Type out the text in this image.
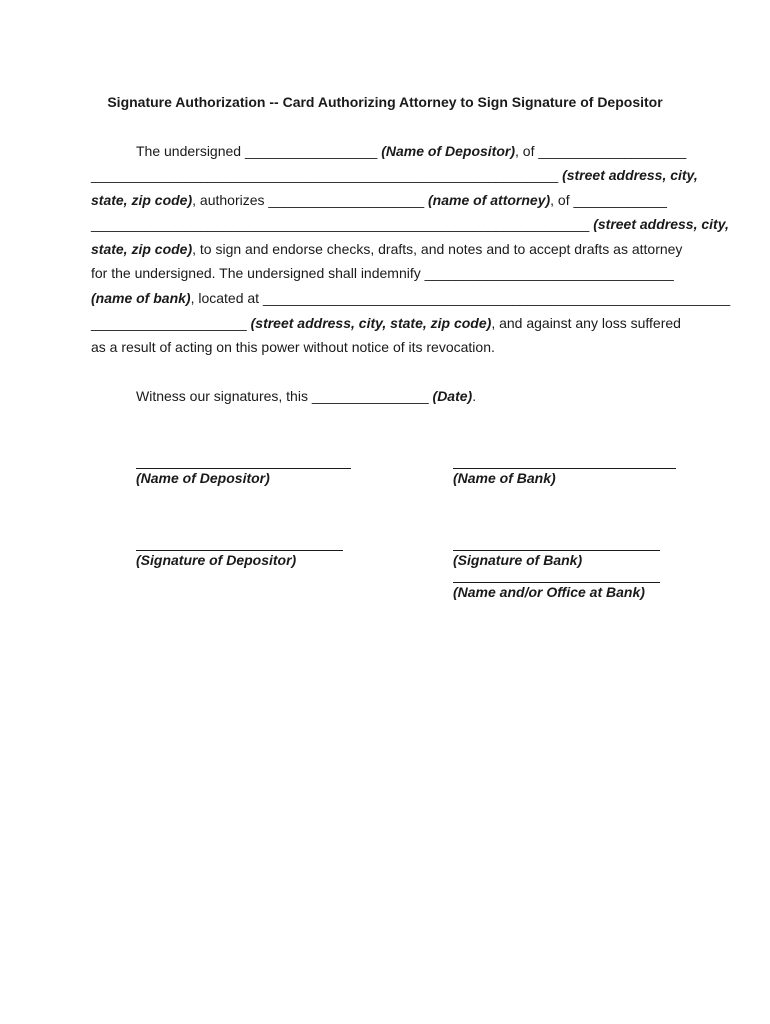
Signature Authorization -- Card Authorizing Attorney to Sign Signature of Depositor
The undersigned _________________ (Name of Depositor), of ___________________
____________________________________________________________ (street address, city,
state, zip code), authorizes ____________________ (name of attorney), of ____________
________________________________________________________________ (street address, city,
state, zip code), to sign and endorse checks, drafts, and notes and to accept drafts as attorney
for the undersigned. The undersigned shall indemnify ________________________________
(name of bank), located at ____________________________________________________________
____________________ (street address, city, state, zip code), and against any loss suffered
as a result of acting on this power without notice of its revocation.
Witness our signatures, this _______________ (Date).
(Name of Depositor)	(Name of Bank)
(Signature of Depositor)	(Signature of Bank)
(Name and/or Office at Bank)
